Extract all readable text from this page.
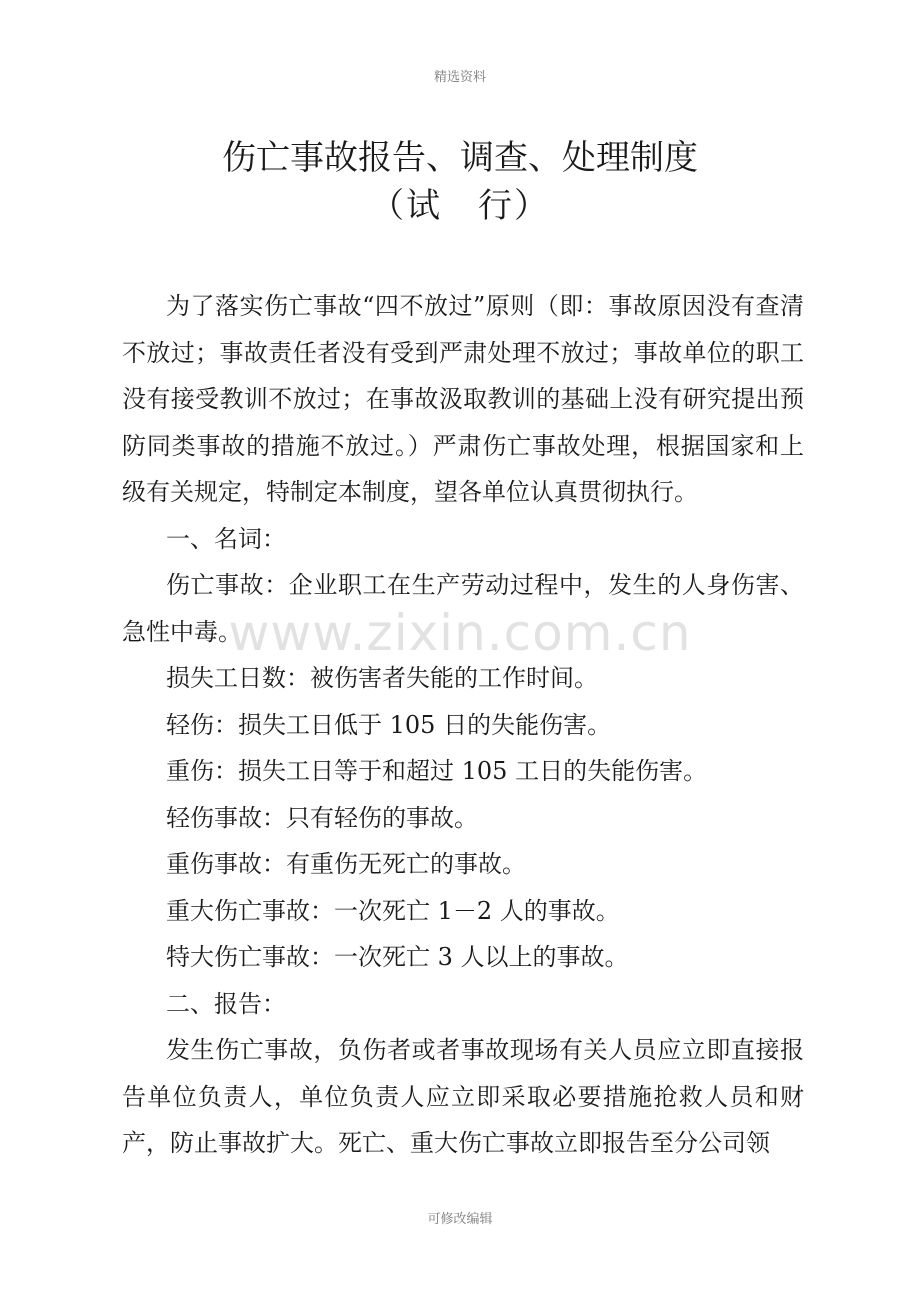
精选资料
伤亡事故报告、调查、处理制度
（试　行）
www.zixin.com.cn

为了落实伤亡事故“四不放过”原则（即：事故原因没有查清不放过；事故责任者没有受到严肃处理不放过；事故单位的职工没有接受教训不放过；在事故汲取教训的基础上没有研究提出预防同类事故的措施不放过。）严肃伤亡事故处理，根据国家和上级有关规定，特制定本制度，望各单位认真贯彻执行。

一、名词：

伤亡事故：企业职工在生产劳动过程中，发生的人身伤害、急性中毒。

损失工日数：被伤害者失能的工作时间。

轻伤：损失工日低于 105 日的失能伤害。

重伤：损失工日等于和超过 105 工日的失能伤害。

轻伤事故：只有轻伤的事故。

重伤事故：有重伤无死亡的事故。

重大伤亡事故：一次死亡 1－2 人的事故。

特大伤亡事故：一次死亡 3 人以上的事故。

二、报告：

发生伤亡事故，负伤者或者事故现场有关人员应立即直接报告单位负责人，单位负责人应立即采取必要措施抢救人员和财产，防止事故扩大。死亡、重大伤亡事故立即报告至分公司领

可修改编辑
